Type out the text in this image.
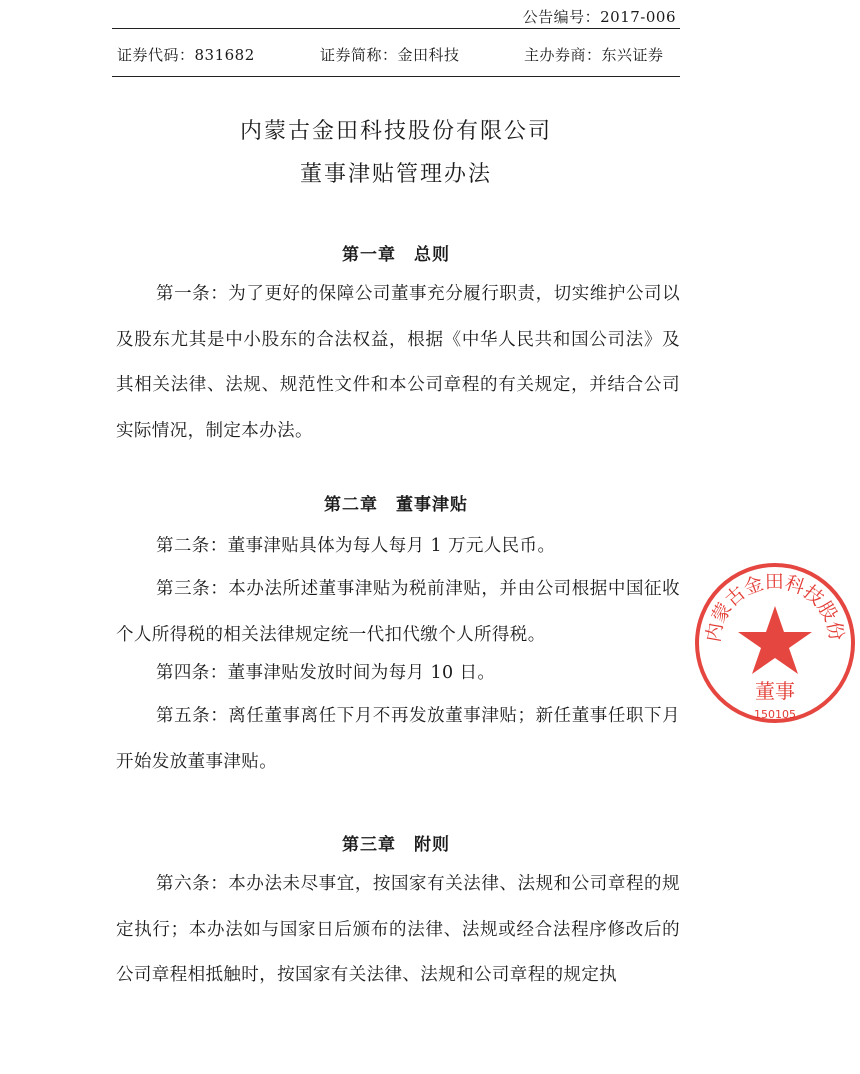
公告编号：2017-006
证券代码：831682	证券简称：金田科技	主办券商：东兴证券
内蒙古金田科技股份有限公司
董事津贴管理办法
第一章　总则
第一条：为了更好的保障公司董事充分履行职责，切实维护公司以及股东尤其是中小股东的合法权益，根据《中华人民共和国公司法》及其相关法律、法规、规范性文件和本公司章程的有关规定，并结合公司实际情况，制定本办法。
第二章　董事津贴
第二条：董事津贴具体为每人每月 1 万元人民币。
第三条：本办法所述董事津贴为税前津贴，并由公司根据中国征收个人所得税的相关法律规定统一代扣代缴个人所得税。
第四条：董事津贴发放时间为每月 10 日。
第五条：离任董事离任下月不再发放董事津贴；新任董事任职下月开始发放董事津贴。
第三章　附则
第六条：本办法未尽事宜，按国家有关法律、法规和公司章程的规定执行；本办法如与国家日后颁布的法律、法规或经合法程序修改后的公司章程相抵触时，按国家有关法律、法规和公司章程的规定执
内蒙古金田科技股份
董事
150105
